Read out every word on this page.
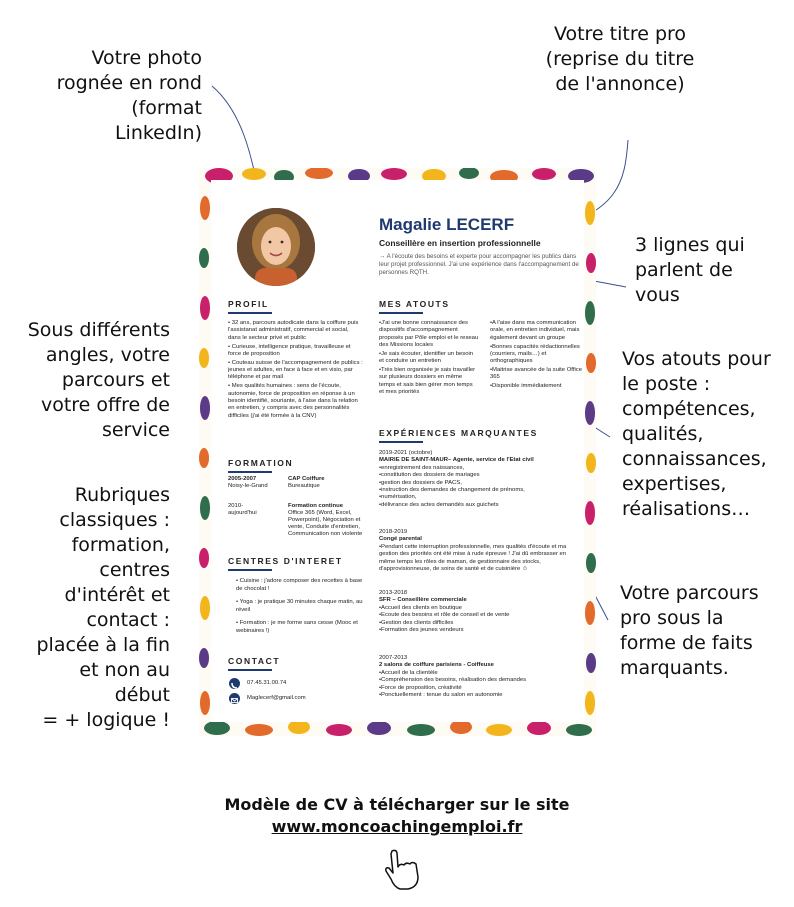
Votre photo
rognée en rond
(format LinkedIn)
Votre titre pro
(reprise du titre
de l'annonce)
3 lignes qui
parlent de
vous
Sous différents
angles, votre
parcours et
votre offre de
service
Vos atouts pour
le poste :
compétences,
qualités,
connaissances,
expertises,
réalisations…
Rubriques
classiques :
formation,
centres
d'intérêt et
contact :
placée à la fin
et non au
début
= + logique !
Votre parcours
pro sous la
forme de faits
marquants.
Magalie LECERF
Conseillère en insertion professionnelle
→ A l'écoute des besoins et experte pour accompagner les publics dans leur projet professionnel. J'ai une expérience dans l'accompagnement de personnes RQTH.
PROFIL

• 32 ans, parcours autodicate dans la coiffure puis l'assistanat administratif, commercial et social, dans le secteur privé et public

• Curieuse, intelligence pratique, travailleuse et force de proposition

• Couteau suisse de l'accompagnement de publics : jeunes et adultes, en face à face et en visio, par téléphone et par mail

• Mes qualités humaines : sens de l'écoute, autonomie, force de proposition en réponse à un besoin identifié, souriante, à l'aise dans la relation en entretien, y compris avec des personnalités difficiles (j'ai été formée à la CNV)

FORMATION
2005-2007
Noisy-le-Grand
CAP Coiffure
Bureautique
2010-
aujourd'hui
Formation continue
Office 365 (Word, Excel, Powerpoint), Négociation et vente, Conduite d'entretien, Communication non violente
CENTRES D'INTERET

• Cuisine : j'adore composer des recettes à base de chocolat !

• Yoga : je pratique 30 minutes chaque matin, au réveil

• Formation : je me forme sans cesse (Mooc et webinaires !)

CONTACT
07.45.31.00.74
Maglecerf@gmail.com
MES ATOUTS

•J'ai une bonne connaissance des dispositifs d'accompagnement proposés par Pôle emploi et le reseau des Missions locales

•Je sais écouter, identifier un besoin et conduire un entretien

•Très bien organisée je sais travailler sur plusieurs dossiers en même temps et sais bien gérer mon temps et mes priorités

•A l'aise dans ma communication orale, en entretien individuel, mais également devant un groupe

•Bonnes capacités rédactionnelles (courriers, mails…) et orthographiques

•Maitrise avancée de la suite Office 365

•Disponible immédiatement

EXPÉRIENCES MARQUANTES
2019-2021 (octobre)
MAIRIE DE SAINT-MAUR– Agente, service de l'Etat civil
•enregistrement des naissances,
•constitution des dossiers de mariages
•gestion des dossiers de PACS,
•instruction des demandes de changement de prénoms,
•numérisation,
•délivrance des actes demandés aux guichets
2018-2019
Congé parental
•Pendant cette interruption professionnelle, mes qualités d'écoute et ma gestion des priorités ont été mise à rude épreuve ! J'ai dû embrasser en même temps les rôles de maman, de gestionnaire des stocks, d'approvisionneuse, de soins de santé et de cuisinière ☺
2013-2018
SFR – Conseillère commerciale
•Accueil des clients en boutique
•Ecoute des besoins et rôle de conseil et de vente
•Gestion des clients difficiles
•Formation des jeunes vendeurs
2007-2013
2 salons de coiffure parisiens - Coiffeuse
•Accueil de la clientèle
•Compréhension des besoins, réalisation des demandes
•Force de proposition, créativité
•Ponctuellement : tenue du salon en autonomie
Modèle de CV à télécharger sur le site
www.moncoachingemploi.fr
